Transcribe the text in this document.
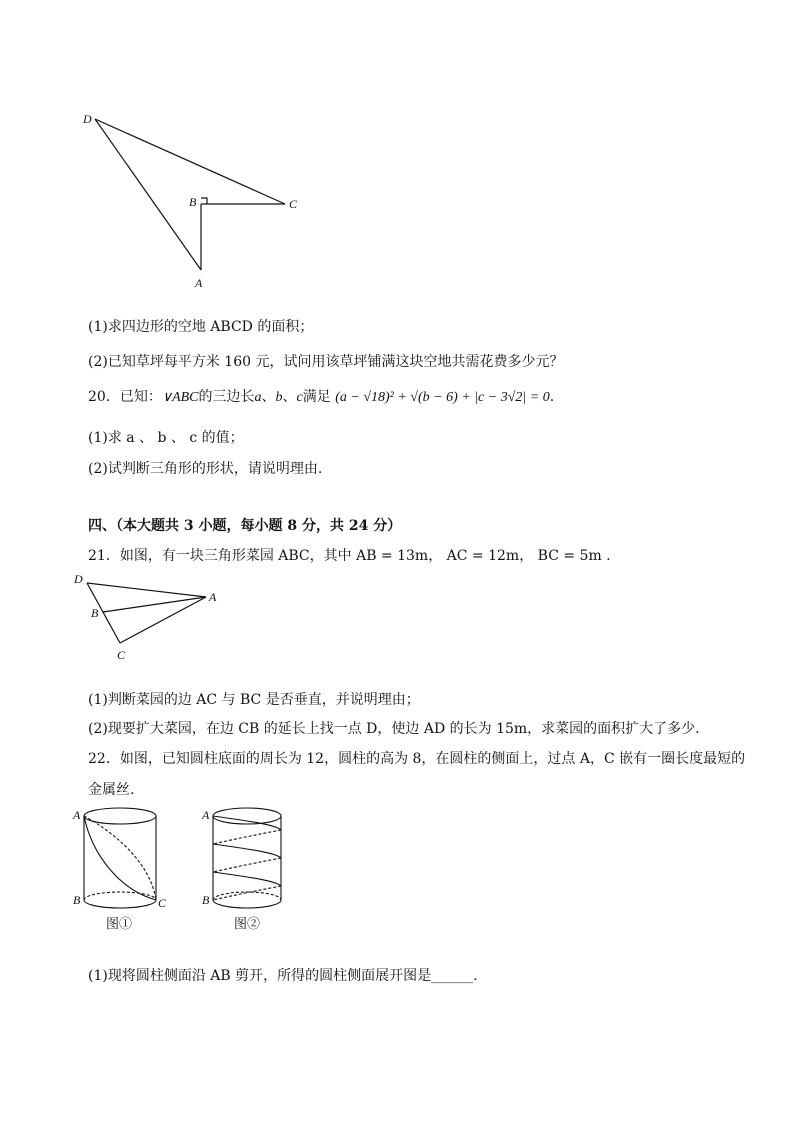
D
B	C
A
(1)求四边形的空地 ABCD 的面积；
(2)已知草坪每平方米 160 元，试问用该草坪铺满这块空地共需花费多少元？
20．已知：∨ABC的三边长a、b、c满足 (a − √18)² + √(b − 6) + |c − 3√2| = 0.
(1)求 a 、 b 、 c 的值；
(2)试判断三角形的形状，请说明理由.
四、（本大题共 3 小题，每小题 8 分，共 24 分）
21．如图，有一块三角形菜园 ABC，其中 AB = 13m， AC = 12m， BC = 5m .
D
A
B
C
(1)判断菜园的边 AC 与 BC 是否垂直，并说明理由；
(2)现要扩大菜园，在边 CB 的延长上找一点 D，使边 AD 的长为 15m，求菜园的面积扩大了多少.
22．如图，已知圆柱底面的周长为 12，圆柱的高为 8，在圆柱的侧面上，过点 A，C 嵌有一圈长度最短的
金属丝.
A
B	C
图①
A
B
图②
(1)现将圆柱侧面沿 AB 剪开，所得的圆柱侧面展开图是______.
